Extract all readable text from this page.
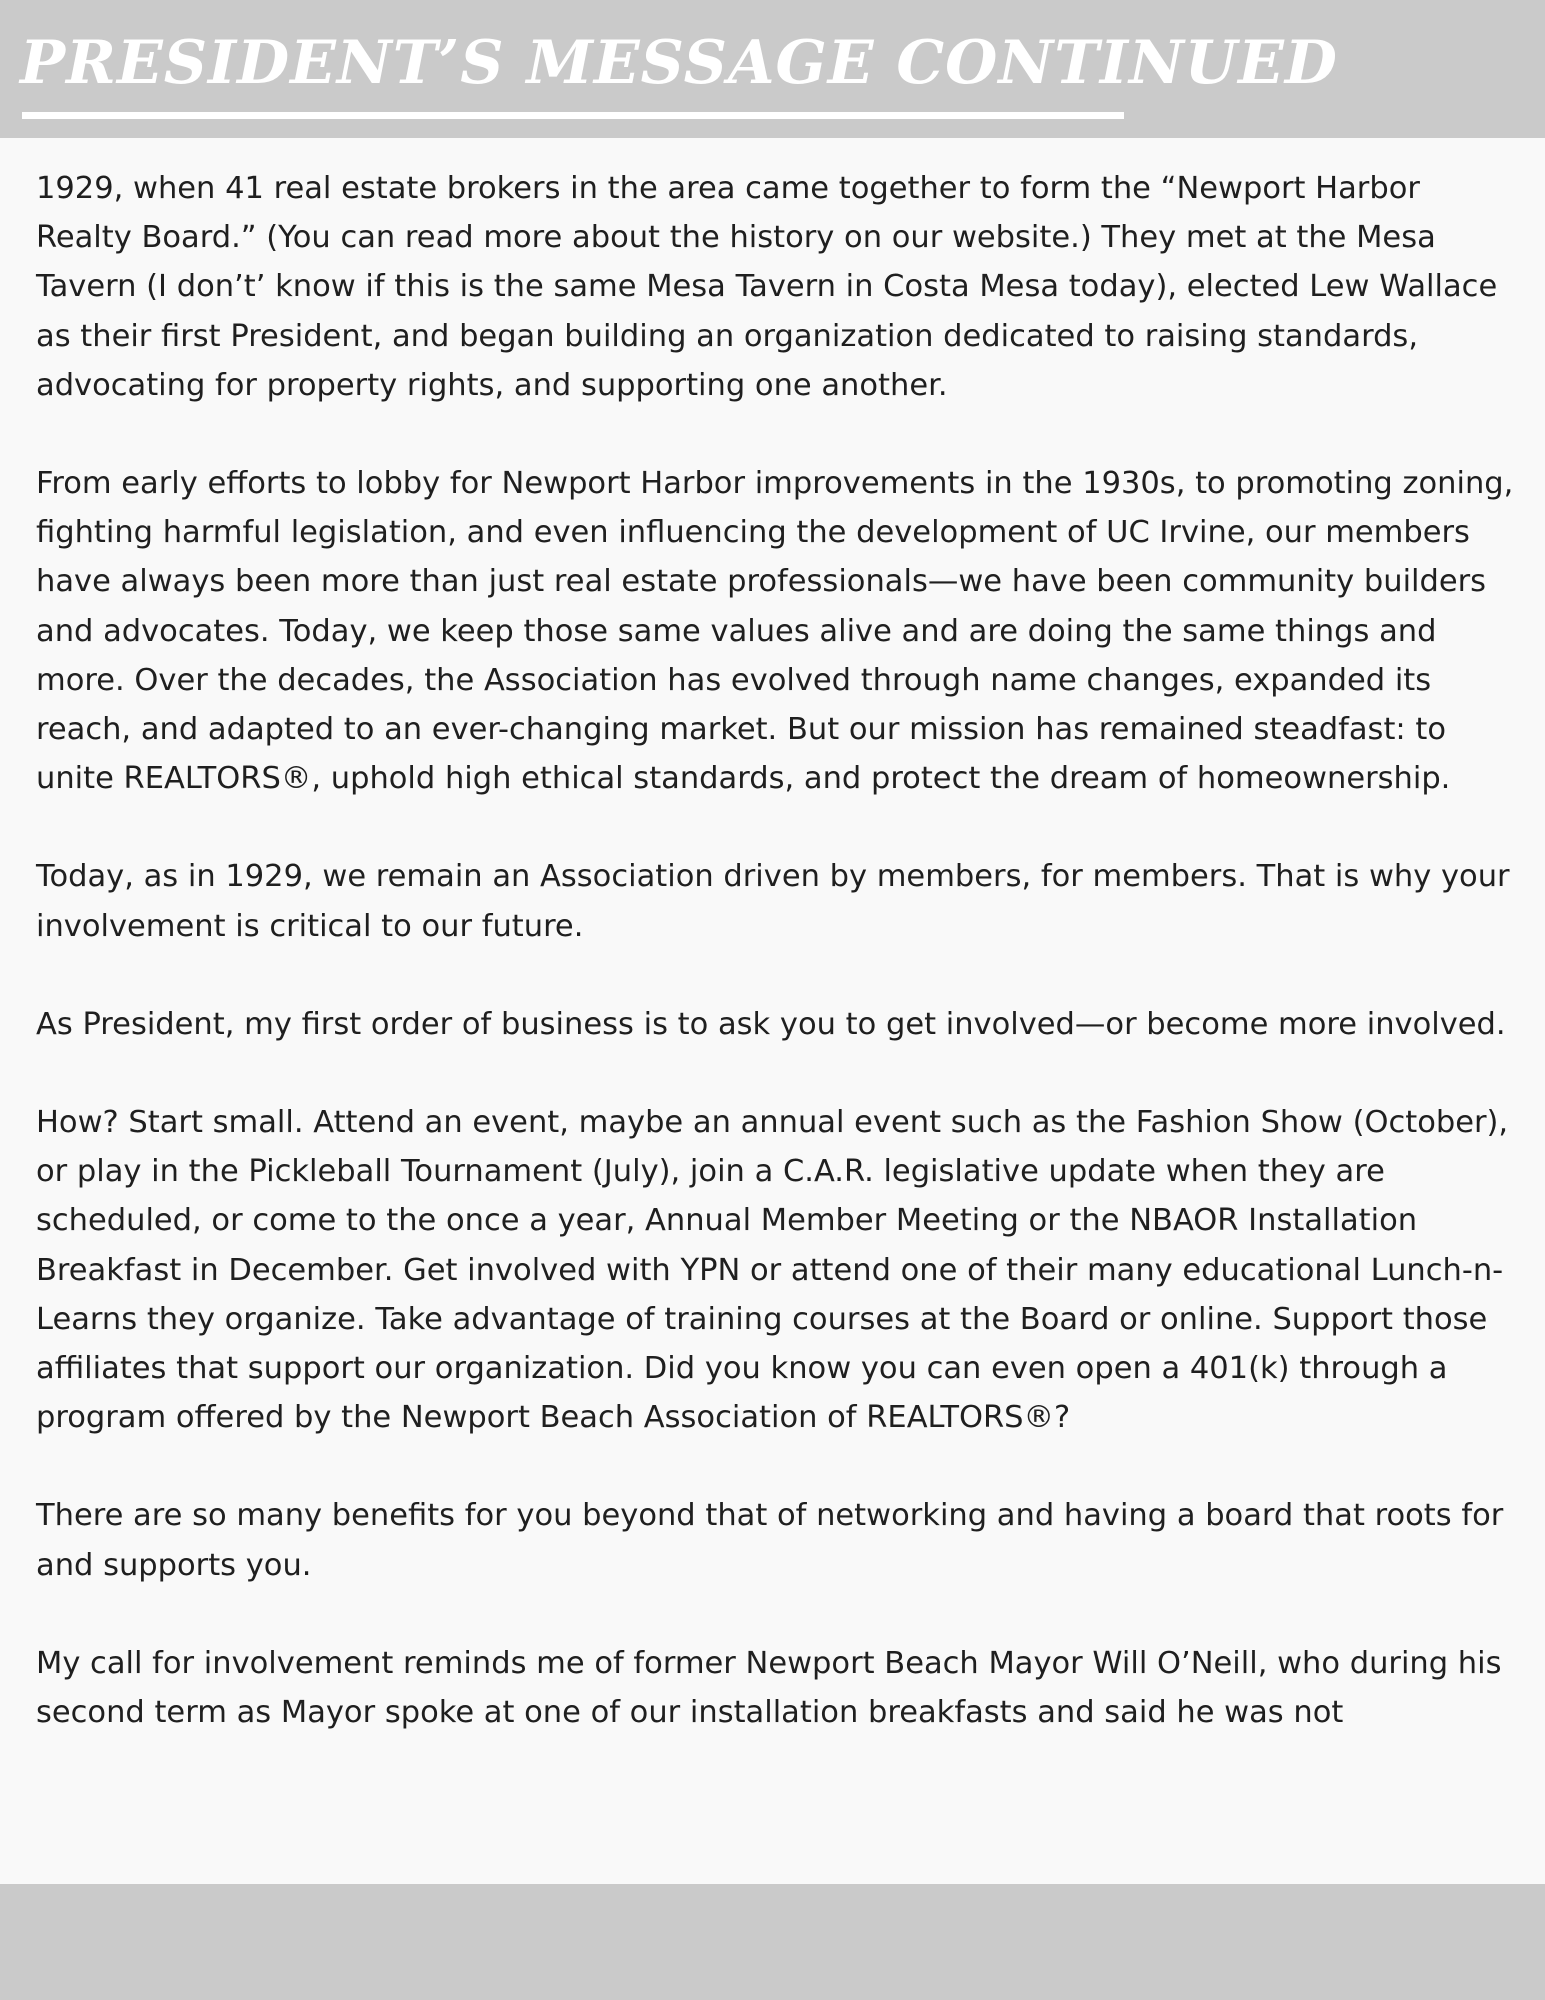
PRESIDENT’S MESSAGE CONTINUED

1929, when 41 real estate brokers in the area came together to form the “Newport Harbor Realty Board.” (You can read more about the history on our website.) They met at the Mesa Tavern (I don’t’ know if this is the same Mesa Tavern in Costa Mesa today), elected Lew Wallace as their first President, and began building an organization dedicated to raising standards, advocating for property rights, and supporting one another.

From early efforts to lobby for Newport Harbor improvements in the 1930s, to promoting zoning, fighting harmful legislation, and even influencing the development of UC Irvine, our members have always been more than just real estate professionals—we have been community builders and advocates. Today, we keep those same values alive and are doing the same things and more. Over the decades, the Association has evolved through name changes, expanded its reach, and adapted to an ever-changing market. But our mission has remained steadfast: to unite REALTORS®, uphold high ethical standards, and protect the dream of homeownership.

Today, as in 1929, we remain an Association driven by members, for members. That is why your involvement is critical to our future.

As President, my first order of business is to ask you to get involved—or become more involved.

How? Start small. Attend an event, maybe an annual event such as the Fashion Show (October), or play in the Pickleball Tournament (July), join a C.A.R. legislative update when they are scheduled, or come to the once a year, Annual Member Meeting or the NBAOR Installation Breakfast in December. Get involved with YPN or attend one of their many educational Lunch-n-Learns they organize. Take advantage of training courses at the Board or online. Support those affiliates that support our organization. Did you know you can even open a 401(k) through a program offered by the Newport Beach Association of REALTORS®?

There are so many benefits for you beyond that of networking and having a board that roots for and supports you.

My call for involvement reminds me of former Newport Beach Mayor Will O’Neill, who during his second term as Mayor spoke at one of our installation breakfasts and said he was not
